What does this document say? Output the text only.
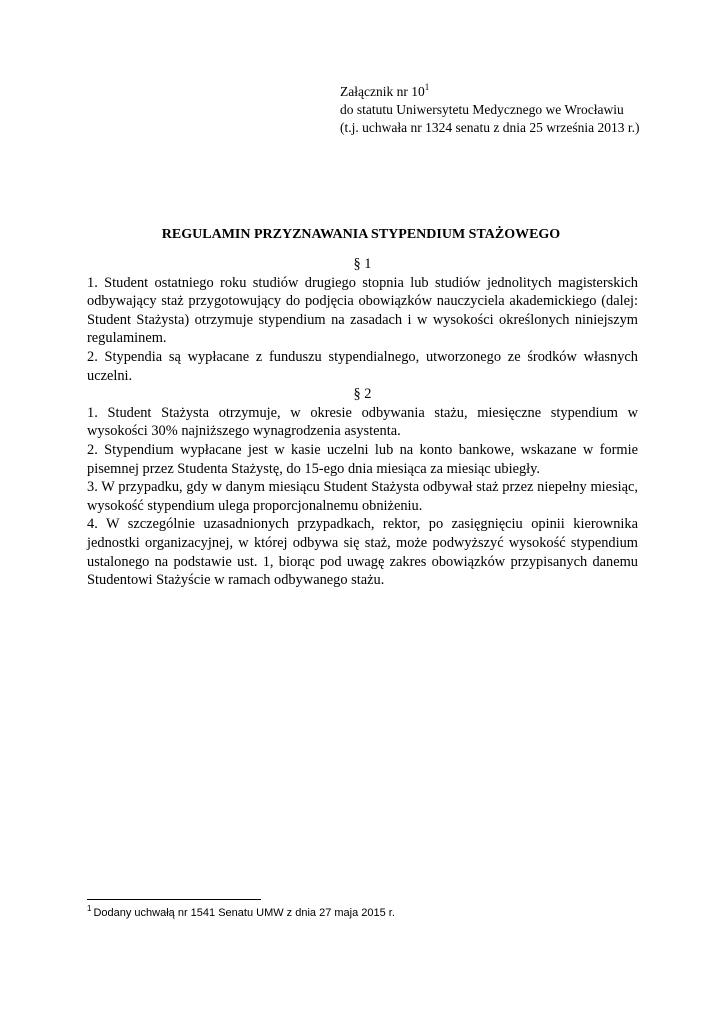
Załącznik nr $10^1$
do statutu Uniwersytetu Medycznego we Wrocławiu
(t.j. uchwała nr 1324 senatu z dnia 25 września 2013 r.)
REGULAMIN PRZYZNAWANIA STYPENDIUM STAŻOWEGO

§ 1

1. Student ostatniego roku studiów drugiego stopnia lub studiów jednolitych magisterskich odbywający staż przygotowujący do podjęcia obowiązków nauczyciela akademickiego (dalej: Student Stażysta) otrzymuje stypendium na zasadach i w wysokości określonych niniejszym regulaminem.

2. Stypendia są wypłacane z funduszu stypendialnego, utworzonego ze środków własnych uczelni.

§ 2

1. Student Stażysta otrzymuje, w okresie odbywania stażu, miesięczne stypendium w wysokości 30% najniższego wynagrodzenia asystenta.

2. Stypendium wypłacane jest w kasie uczelni lub na konto bankowe, wskazane w formie pisemnej przez Studenta Stażystę, do 15-ego dnia miesiąca za miesiąc ubiegły.

3. W przypadku, gdy w danym miesiącu Student Stażysta odbywał staż przez niepełny miesiąc, wysokość stypendium ulega proporcjonalnemu obniżeniu.

4. W szczególnie uzasadnionych przypadkach, rektor, po zasięgnięciu opinii kierownika jednostki organizacyjnej, w której odbywa się staż, może podwyższyć wysokość stypendium ustalonego na podstawie ust. 1, biorąc pod uwagę zakres obowiązków przypisanych danemu Studentowi Stażyście w ramach odbywanego stażu.

$^1$ Dodany uchwałą nr 1541 Senatu UMW z dnia 27 maja 2015 r.
